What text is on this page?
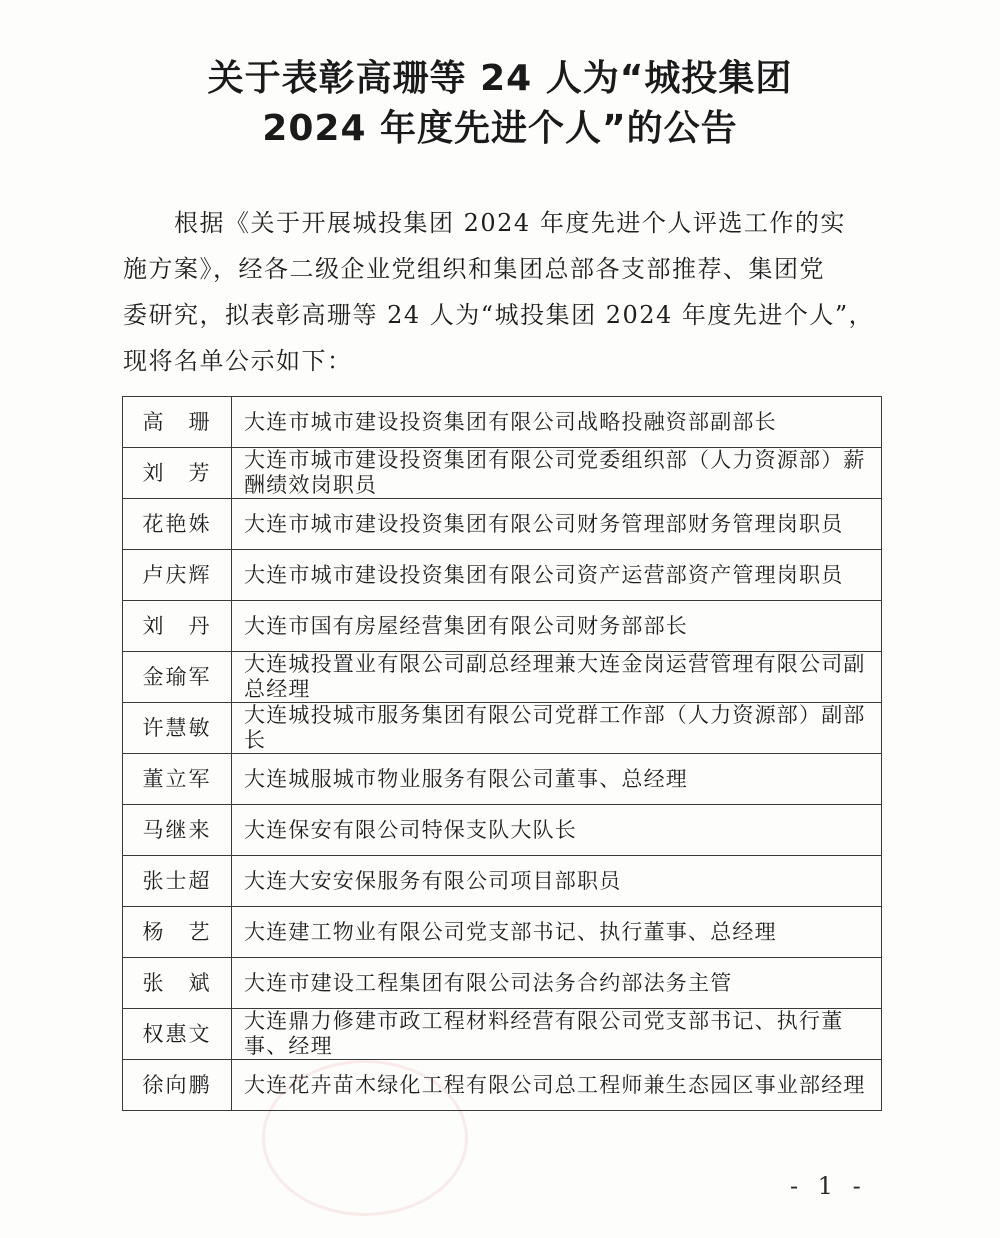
关于表彰高珊等 24 人为“城投集团
2024 年度先进个人”的公告
　　根据《关于开展城投集团 2024 年度先进个人评选工作的实
施方案》，经各二级企业党组织和集团总部各支部推荐、集团党
委研究，拟表彰高珊等 24 人为“城投集团 2024 年度先进个人”，
现将名单公示如下：
高　珊	大连市城市建设投资集团有限公司战略投融资部副部长
刘　芳	大连市城市建设投资集团有限公司党委组织部（人力资源部）薪酬绩效岗职员
花艳姝	大连市城市建设投资集团有限公司财务管理部财务管理岗职员
卢庆辉	大连市城市建设投资集团有限公司资产运营部资产管理岗职员
刘　丹	大连市国有房屋经营集团有限公司财务部部长
金瑜军	大连城投置业有限公司副总经理兼大连金岗运营管理有限公司副总经理
许慧敏	大连城投城市服务集团有限公司党群工作部（人力资源部）副部长
董立军	大连城服城市物业服务有限公司董事、总经理
马继来	大连保安有限公司特保支队大队长
张士超	大连大安安保服务有限公司项目部职员
杨　艺	大连建工物业有限公司党支部书记、执行董事、总经理
张　斌	大连市建设工程集团有限公司法务合约部法务主管
权惠文	大连鼎力修建市政工程材料经营有限公司党支部书记、执行董事、经理
徐向鹏	大连花卉苗木绿化工程有限公司总工程师兼生态园区事业部经理
- 1 -
